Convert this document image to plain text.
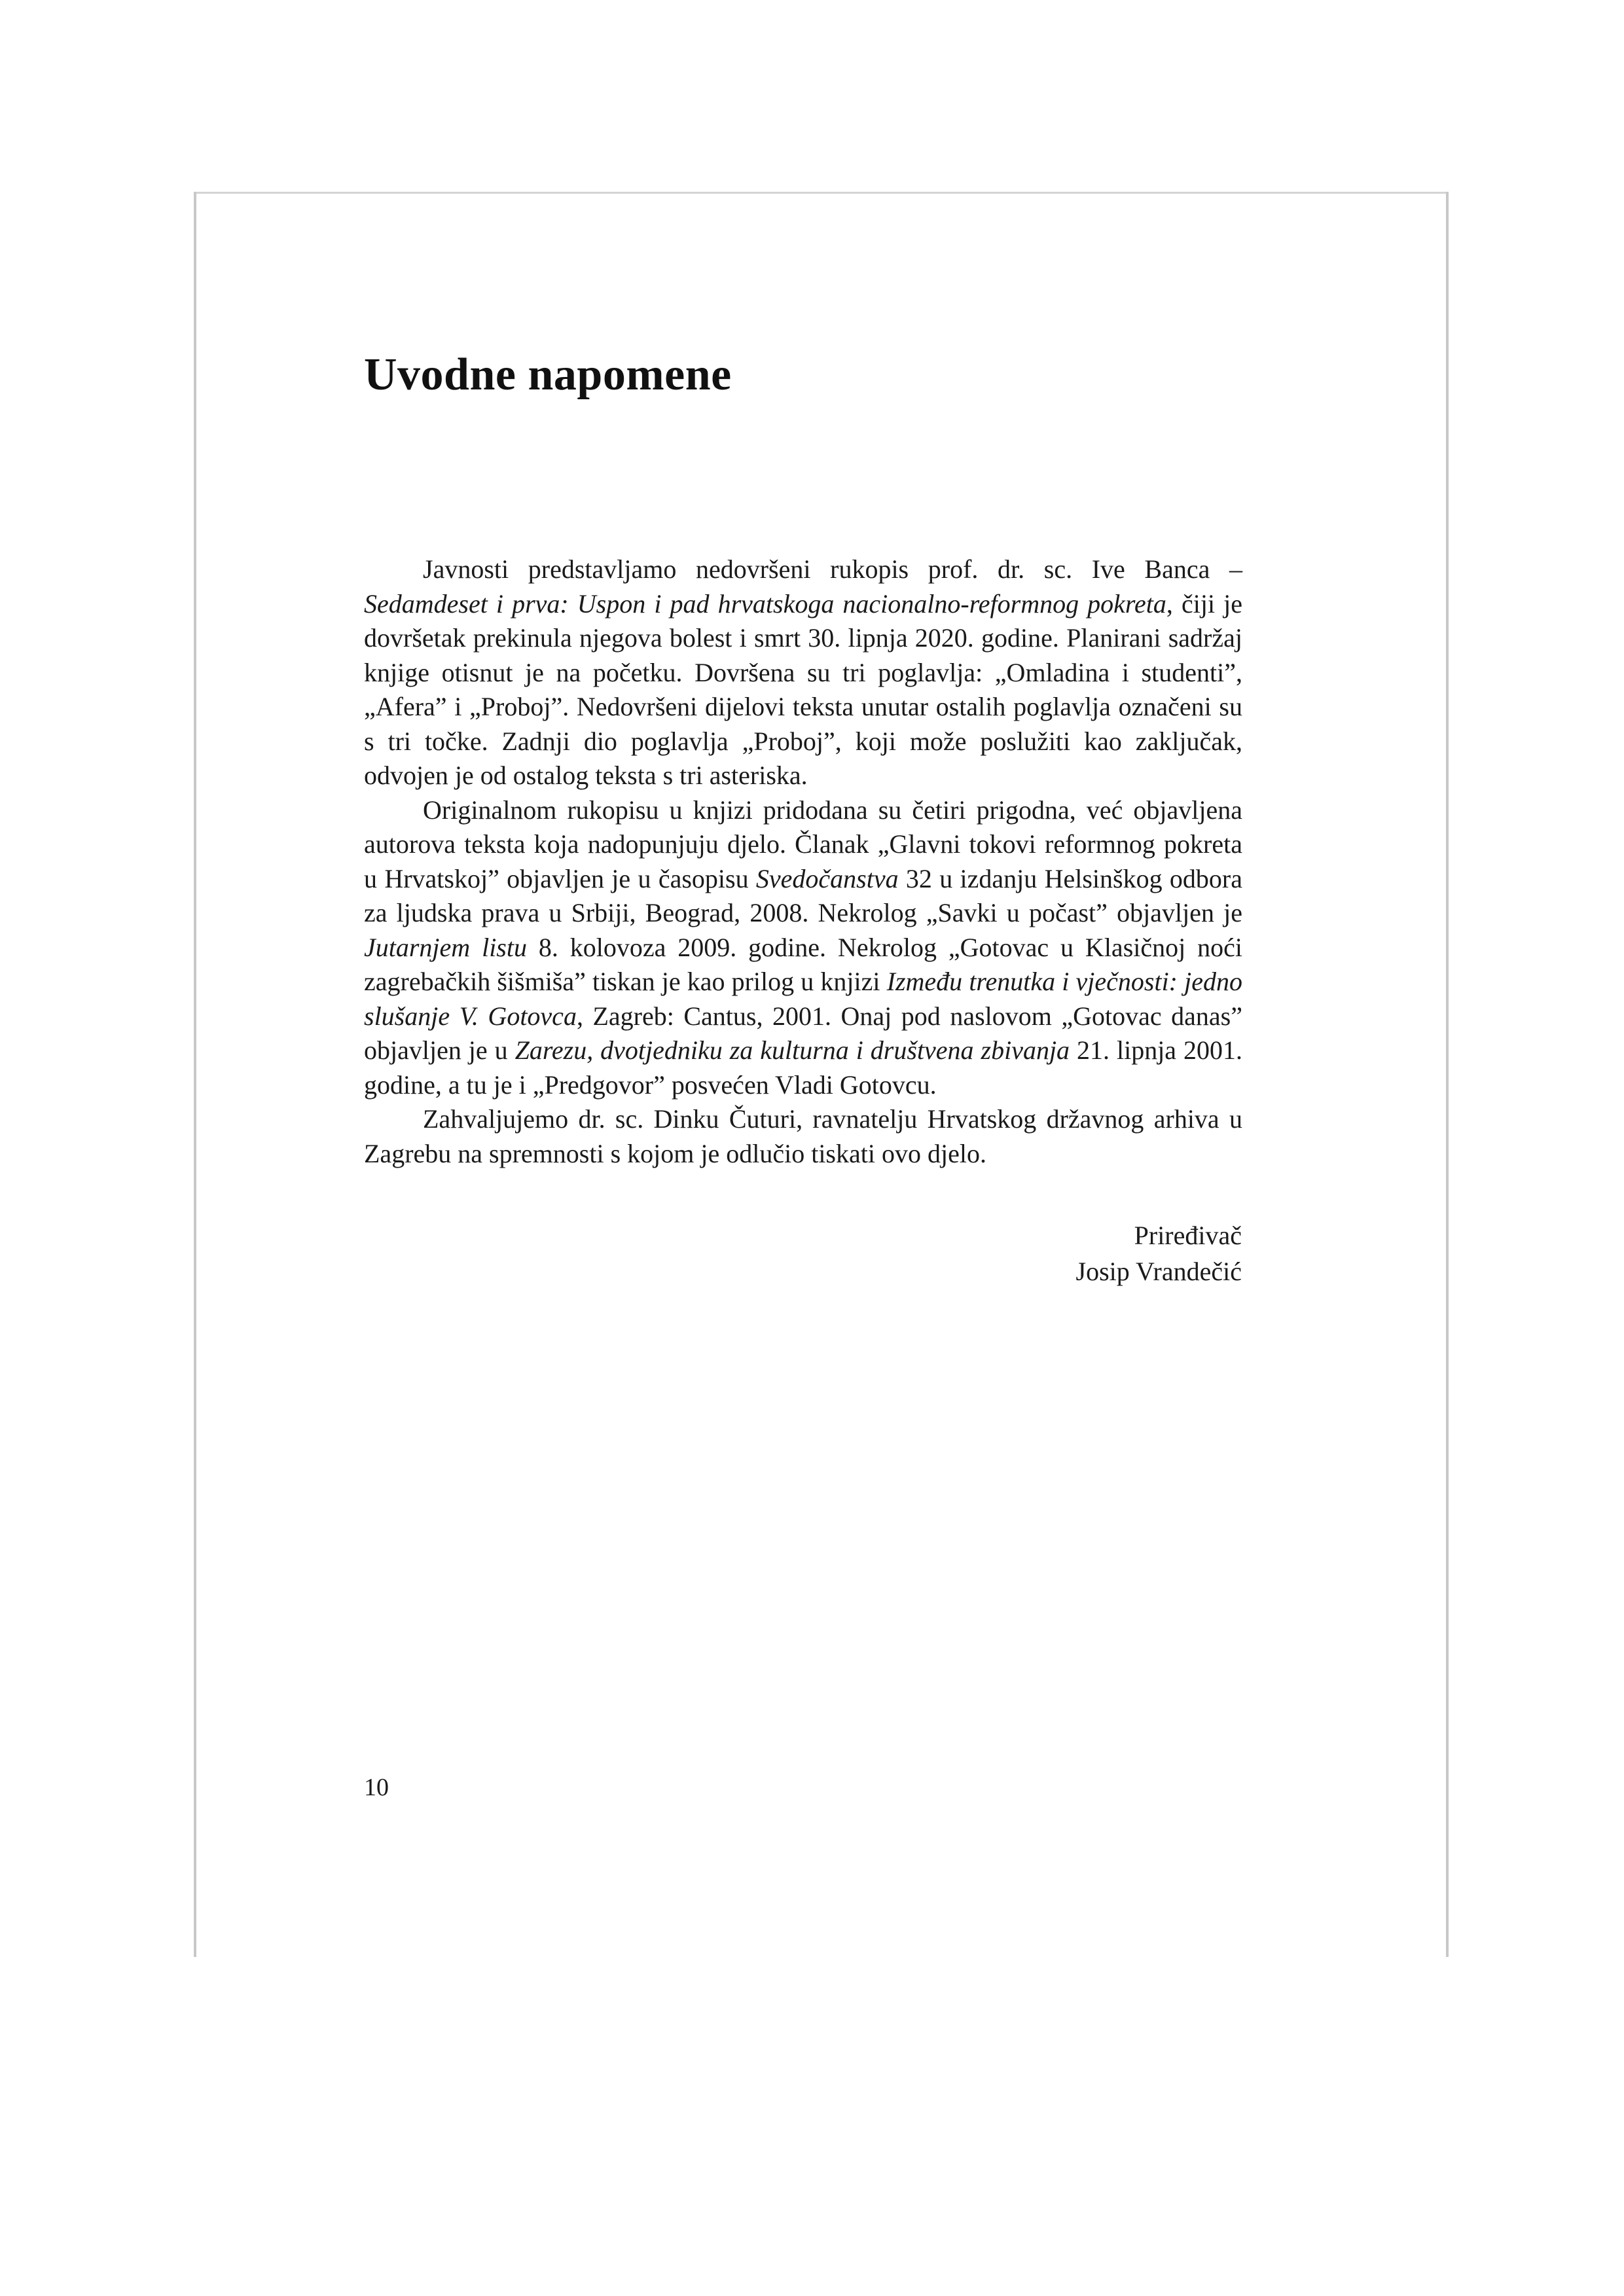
Uvodne napomene

Javnosti predstavljamo nedovršeni rukopis prof. dr. sc. Ive Banca – Sedamdeset i prva: Uspon i pad hrvatskoga nacionalno-reformnog pokreta, čiji je dovršetak prekinula njegova bolest i smrt 30. lipnja 2020. godine. Planirani sadržaj knjige otisnut je na početku. Dovršena su tri poglavlja: „Omladina i studenti”, „Afera” i „Proboj”. Nedovršeni dijelovi teksta unutar ostalih poglavlja označeni su s tri točke. Zadnji dio poglavlja „Proboj”, koji može poslužiti kao zaključak, odvojen je od ostalog teksta s tri asteriska.

Originalnom rukopisu u knjizi pridodana su četiri prigodna, već objavljena autorova teksta koja nadopunjuju djelo. Članak „Glavni tokovi reformnog pokreta u Hrvatskoj” objavljen je u časopisu Svedočanstva 32 u izdanju Helsinškog odbora za ljudska prava u Srbiji, Beograd, 2008. Nekrolog „Savki u počast” objavljen je Jutarnjem listu 8. kolovoza 2009. godine. Nekrolog „Gotovac u Klasičnoj noći zagrebačkih šišmiša” tiskan je kao prilog u knjizi Između trenutka i vječnosti: jedno slušanje V. Gotovca, Zagreb: Cantus, 2001. Onaj pod naslovom „Gotovac danas” objavljen je u Zarezu, dvotjedniku za kulturna i društvena zbivanja 21. lipnja 2001. godine, a tu je i „Predgovor” posvećen Vladi Gotovcu.

Zahvaljujemo dr. sc. Dinku Čuturi, ravnatelju Hrvatskog državnog arhiva u Zagrebu na spremnosti s kojom je odlučio tiskati ovo djelo.

Priređivač
Josip Vrandečić
10
